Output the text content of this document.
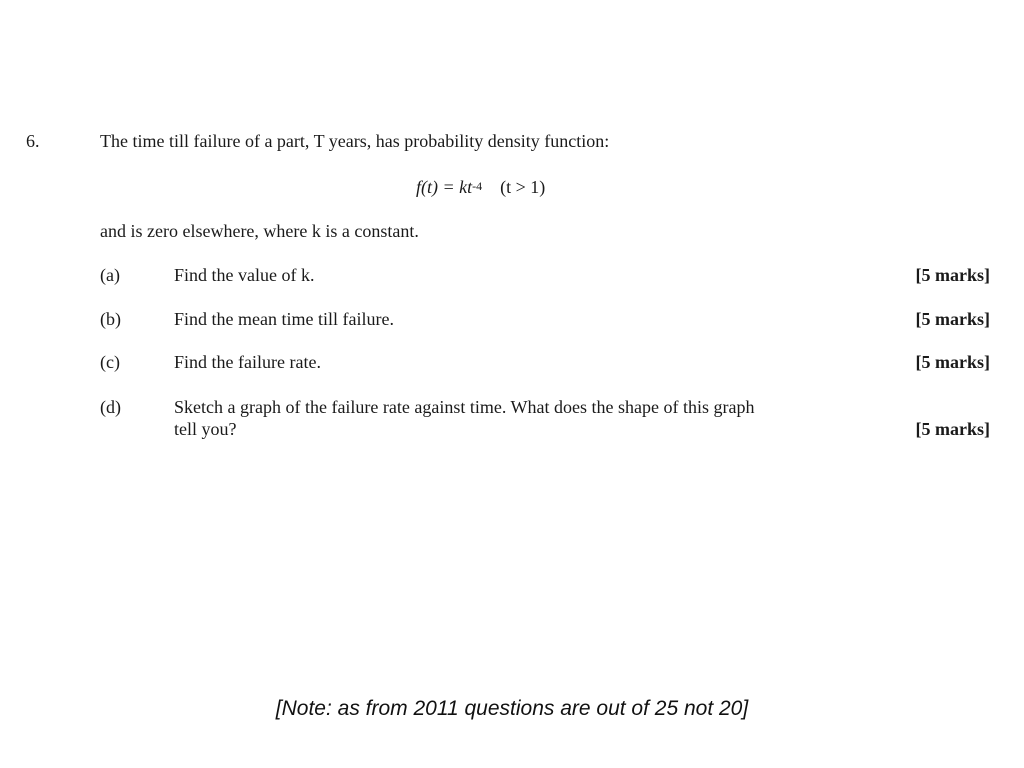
6.	The time till failure of a part, T years, has probability density function:
$f(t) = kt^{-4}$ (t > 1)
and is zero elsewhere, where k is a constant.
(a)	Find the value of k.	[5 marks]
(b)	Find the mean time till failure.	[5 marks]
(c)	Find the failure rate.	[5 marks]
(d)	Sketch a graph of the failure rate against time. What does the shape of this graph
tell you?	[5 marks]
[Note: as from 2011 questions are out of 25 not 20]
